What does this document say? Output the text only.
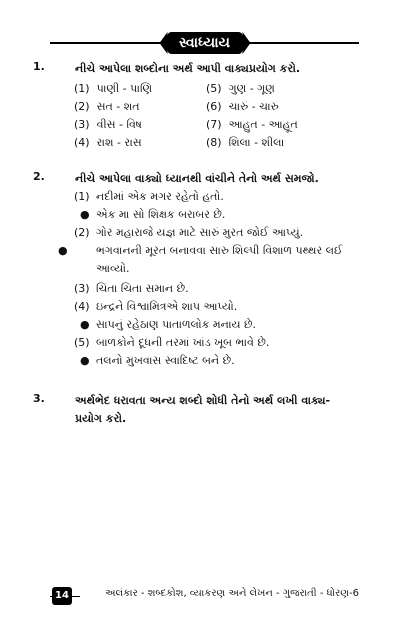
સ્વાધ્યાય
1.	નીચે આપેલા શબ્દોના અર્થ આપી વાક્યપ્રયોગ કરો.
(1) પાણી - પાણિ
(2) સત - શત
(3) વીસ - વિષ
(4) રાશ - રાસ
(5) ગુણ - ગૂણ
(6) ચારું - ચારુ
(7) આહુત - આહૂત
(8) શિલા - શીલા
2.	નીચે આપેલા વાક્યો ધ્યાનથી વાંચીને તેનો અર્થ સમજો.
(1) નદીમાં એક મગર રહેતો હતો.
● એક મા સો શિક્ષક બરાબર છે.
(2) ગોર મહારાજે યજ્ઞ માટે સારું મુરત જોઈ આપ્યું.
●	ભગવાનની મૂરત બનાવવા સારુ શિલ્પી વિશાળ પથ્થર લઈ આવ્યો.
(3) ચિંતા ચિતા સમાન છે.
(4) ઇન્દ્રને વિશ્વામિત્રએ શાપ આપ્યો.
● સાપનું રહેઠાણ પાતાળલોક મનાય છે.
(5) બાળકોને દૂધની તરમાં ખાંડ ખૂબ ભાવે છે.
● તલનો મુખવાસ સ્વાદિષ્ટ બને છે.
3.	અર્થભેદ ધરાવતા અન્ય શબ્દો શોધી તેનો અર્થ લખી વાક્ય-પ્રયોગ કરો.
14	અલંકાર - શબ્દકોશ, વ્યાકરણ અને લેખન - ગુજરાતી - ધોરણ-6
